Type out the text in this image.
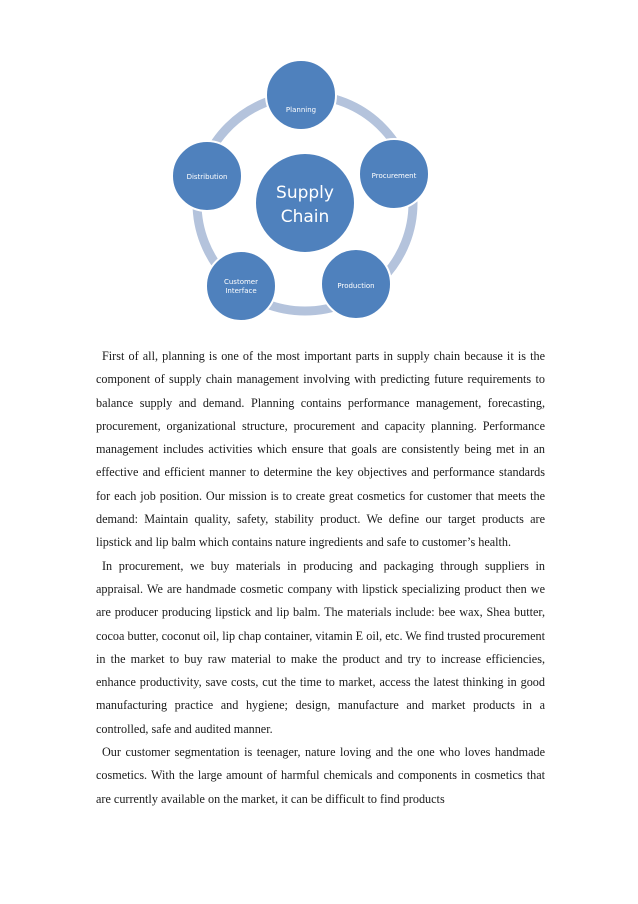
Supply
Chain
Planning
Procurement
Production
Customer
Interface
Distribution

First of all, planning is one of the most important parts in supply chain because it is the component of supply chain management involving with predicting future requirements to balance supply and demand. Planning contains performance management, forecasting, procurement, organizational structure, procurement and capacity planning. Performance management includes activities which ensure that goals are consistently being met in an effective and efficient manner to determine the key objectives and performance standards for each job position. Our mission is to create great cosmetics for customer that meets the demand: Maintain quality, safety, stability product. We define our target products are lipstick and lip balm which contains nature ingredients and safe to customer’s health.

In procurement, we buy materials in producing and packaging through suppliers in appraisal. We are handmade cosmetic company with lipstick specializing product then we are producer producing lipstick and lip balm. The materials include: bee wax, Shea butter, cocoa butter, coconut oil, lip chap container, vitamin E oil, etc. We find trusted procurement in the market to buy raw material to make the product and try to increase efficiencies, enhance productivity, save costs, cut the time to market, access the latest thinking in good manufacturing practice and hygiene; design, manufacture and market products in a controlled, safe and audited manner.

Our customer segmentation is teenager, nature loving and the one who loves handmade cosmetics. With the large amount of harmful chemicals and components in cosmetics that are currently available on the market, it can be difficult to find products
